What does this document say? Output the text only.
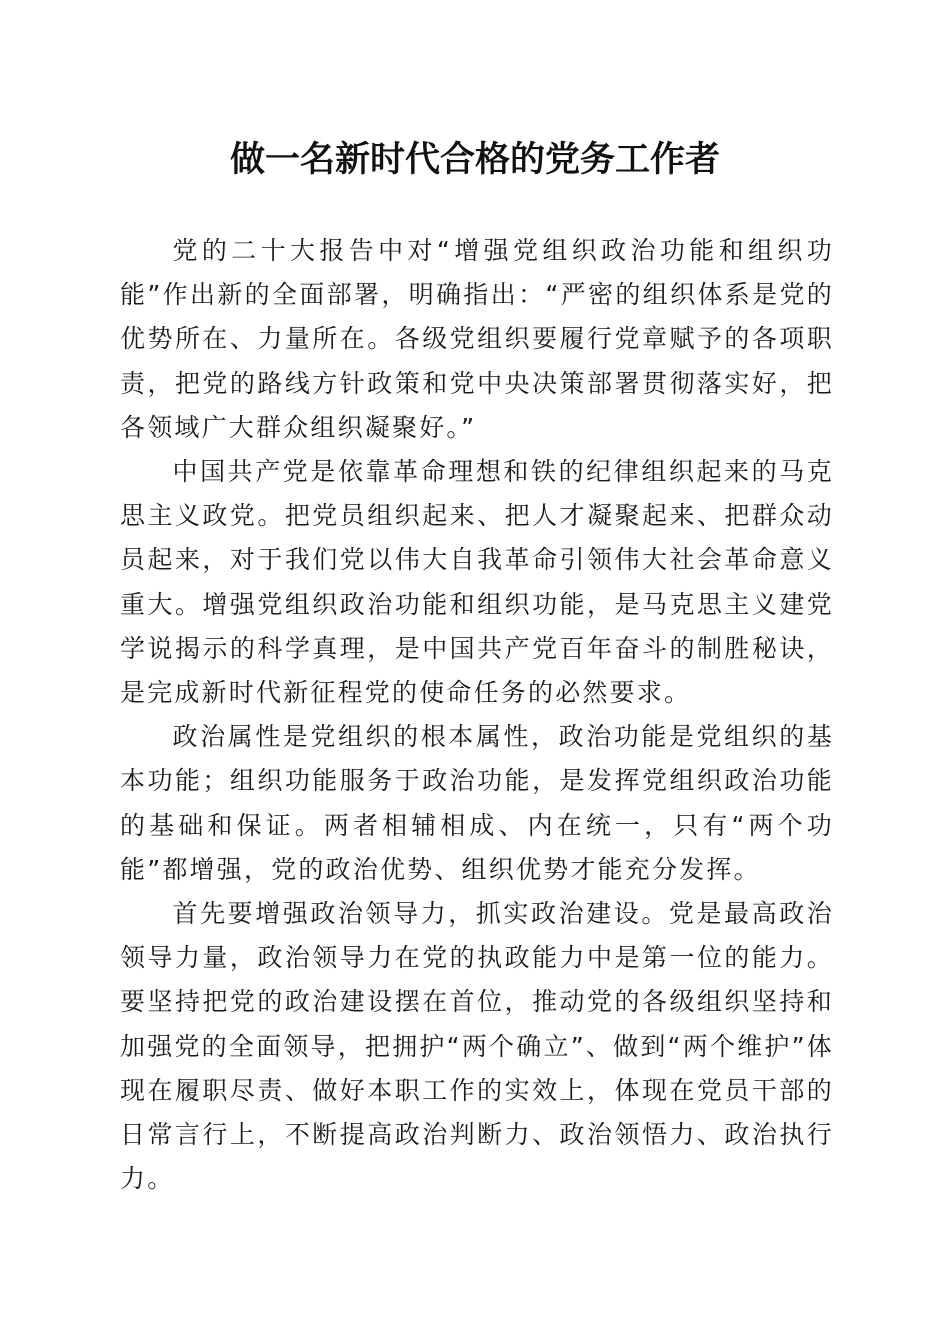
做一名新时代合格的党务工作者

党的二十大报告中对“增强党组织政治功能和组织功能”作出新的全面部署，明确指出：“严密的组织体系是党的优势所在、力量所在。各级党组织要履行党章赋予的各项职责，把党的路线方针政策和党中央决策部署贯彻落实好，把各领域广大群众组织凝聚好。”

中国共产党是依靠革命理想和铁的纪律组织起来的马克思主义政党。把党员组织起来、把人才凝聚起来、把群众动员起来，对于我们党以伟大自我革命引领伟大社会革命意义重大。增强党组织政治功能和组织功能，是马克思主义建党学说揭示的科学真理，是中国共产党百年奋斗的制胜秘诀，是完成新时代新征程党的使命任务的必然要求。

政治属性是党组织的根本属性，政治功能是党组织的基本功能；组织功能服务于政治功能，是发挥党组织政治功能的基础和保证。两者相辅相成、内在统一，只有“两个功能”都增强，党的政治优势、组织优势才能充分发挥。

首先要增强政治领导力，抓实政治建设。党是最高政治领导力量，政治领导力在党的执政能力中是第一位的能力。要坚持把党的政治建设摆在首位，推动党的各级组织坚持和加强党的全面领导，把拥护“两个确立”、做到“两个维护”体现在履职尽责、做好本职工作的实效上，体现在党员干部的日常言行上，不断提高政治判断力、政治领悟力、政治执行力。
